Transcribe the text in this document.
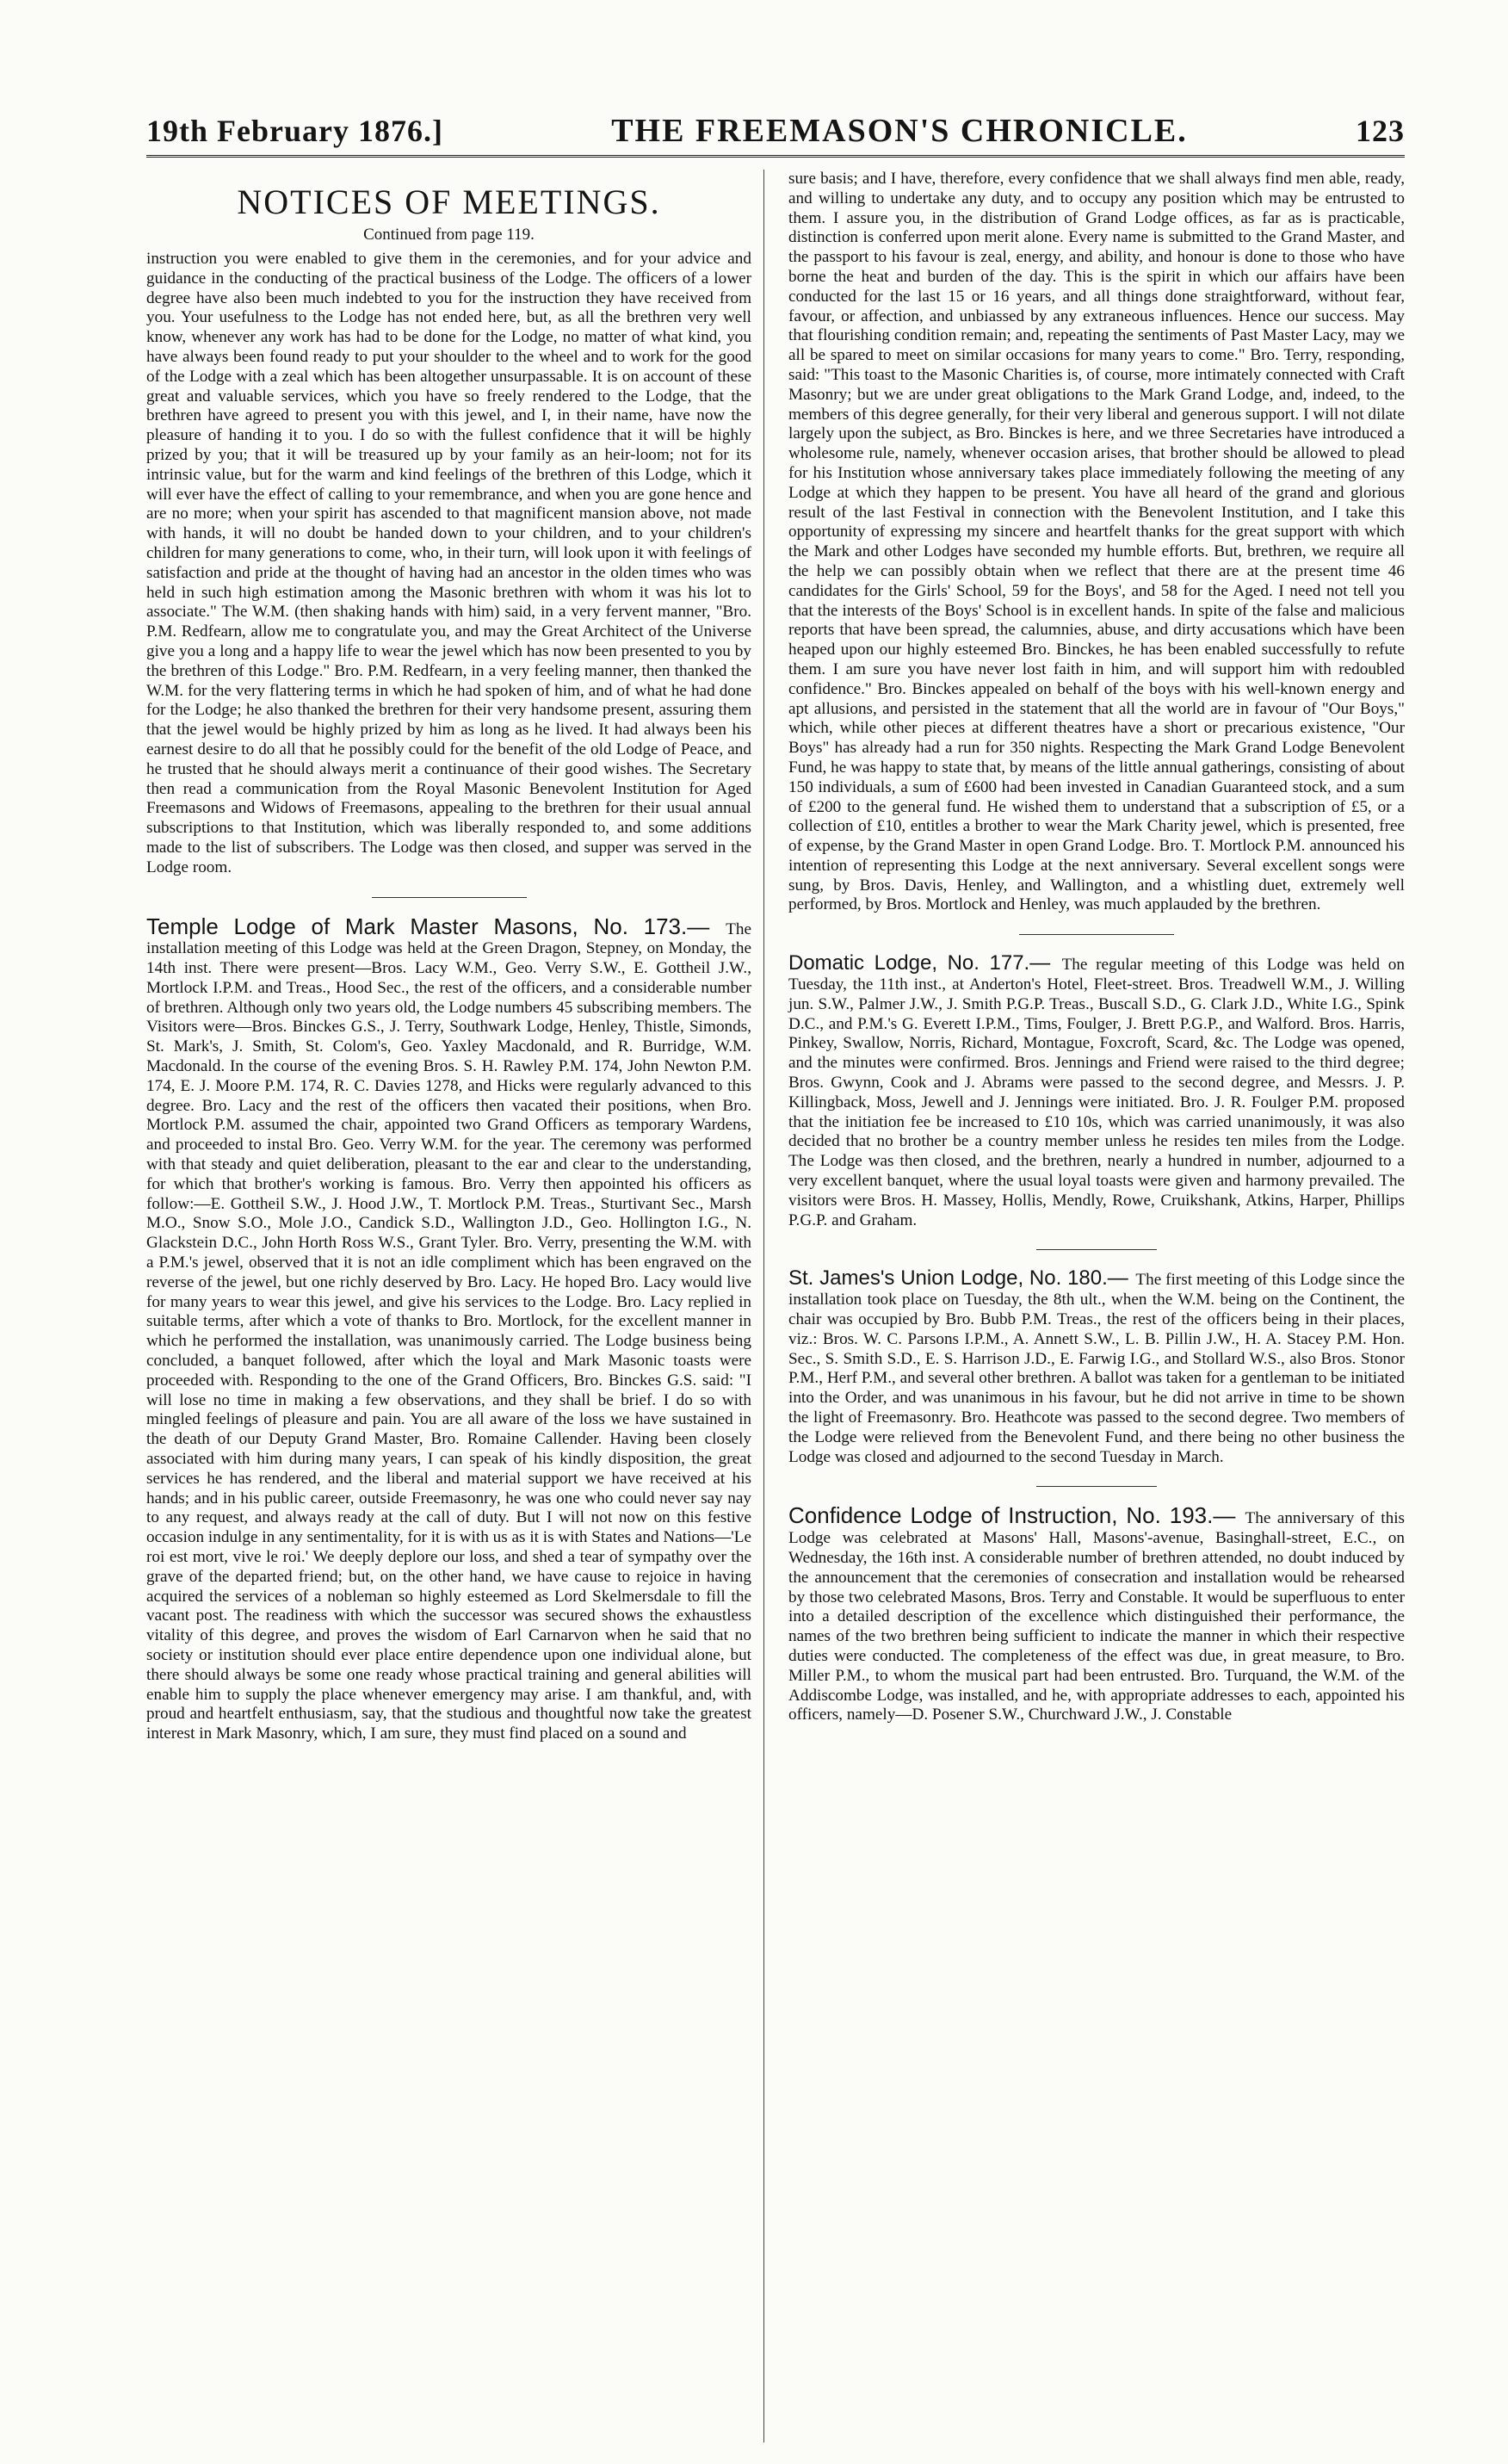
19th February 1876.]	THE FREEMASON'S CHRONICLE.	123
NOTICES OF MEETINGS.
Continued from page 119.

instruction you were enabled to give them in the ceremonies, and for your advice and guidance in the conducting of the practical business of the Lodge. The officers of a lower degree have also been much indebted to you for the instruction they have received from you. Your usefulness to the Lodge has not ended here, but, as all the brethren very well know, whenever any work has had to be done for the Lodge, no matter of what kind, you have always been found ready to put your shoulder to the wheel and to work for the good of the Lodge with a zeal which has been altogether unsurpassable. It is on account of these great and valuable services, which you have so freely rendered to the Lodge, that the brethren have agreed to present you with this jewel, and I, in their name, have now the pleasure of handing it to you. I do so with the fullest confidence that it will be highly prized by you; that it will be treasured up by your family as an heir-loom; not for its intrinsic value, but for the warm and kind feelings of the brethren of this Lodge, which it will ever have the effect of calling to your remembrance, and when you are gone hence and are no more; when your spirit has ascended to that magnificent mansion above, not made with hands, it will no doubt be handed down to your children, and to your children's children for many generations to come, who, in their turn, will look upon it with feelings of satisfaction and pride at the thought of having had an ancestor in the olden times who was held in such high estimation among the Masonic brethren with whom it was his lot to associate." The W.M. (then shaking hands with him) said, in a very fervent manner, "Bro. P.M. Redfearn, allow me to congratulate you, and may the Great Architect of the Universe give you a long and a happy life to wear the jewel which has now been presented to you by the brethren of this Lodge." Bro. P.M. Redfearn, in a very feeling manner, then thanked the W.M. for the very flattering terms in which he had spoken of him, and of what he had done for the Lodge; he also thanked the brethren for their very handsome present, assuring them that the jewel would be highly prized by him as long as he lived. It had always been his earnest desire to do all that he possibly could for the benefit of the old Lodge of Peace, and he trusted that he should always merit a continuance of their good wishes. The Secretary then read a communication from the Royal Masonic Benevolent Institution for Aged Freemasons and Widows of Freemasons, appealing to the brethren for their usual annual subscriptions to that Institution, which was liberally responded to, and some additions made to the list of subscribers. The Lodge was then closed, and supper was served in the Lodge room.

Temple Lodge of Mark Master Masons, No. 173.— The installation meeting of this Lodge was held at the Green Dragon, Stepney, on Monday, the 14th inst. There were present—Bros. Lacy W.M., Geo. Verry S.W., E. Gottheil J.W., Mortlock I.P.M. and Treas., Hood Sec., the rest of the officers, and a considerable number of brethren. Although only two years old, the Lodge numbers 45 subscribing members. The Visitors were—Bros. Binckes G.S., J. Terry, Southwark Lodge, Henley, Thistle, Simonds, St. Mark's, J. Smith, St. Colom's, Geo. Yaxley Macdonald, and R. Burridge, W.M. Macdonald. In the course of the evening Bros. S. H. Rawley P.M. 174, John Newton P.M. 174, E. J. Moore P.M. 174, R. C. Davies 1278, and Hicks were regularly advanced to this degree. Bro. Lacy and the rest of the officers then vacated their positions, when Bro. Mortlock P.M. assumed the chair, appointed two Grand Officers as temporary Wardens, and proceeded to instal Bro. Geo. Verry W.M. for the year. The ceremony was performed with that steady and quiet deliberation, pleasant to the ear and clear to the understanding, for which that brother's working is famous. Bro. Verry then appointed his officers as follow:—E. Gottheil S.W., J. Hood J.W., T. Mortlock P.M. Treas., Sturtivant Sec., Marsh M.O., Snow S.O., Mole J.O., Candick S.D., Wallington J.D., Geo. Hollington I.G., N. Glackstein D.C., John Horth Ross W.S., Grant Tyler. Bro. Verry, presenting the W.M. with a P.M.'s jewel, observed that it is not an idle compliment which has been engraved on the reverse of the jewel, but one richly deserved by Bro. Lacy. He hoped Bro. Lacy would live for many years to wear this jewel, and give his services to the Lodge. Bro. Lacy replied in suitable terms, after which a vote of thanks to Bro. Mortlock, for the excellent manner in which he performed the installation, was unanimously carried. The Lodge business being concluded, a banquet followed, after which the loyal and Mark Masonic toasts were proceeded with. Responding to the one of the Grand Officers, Bro. Binckes G.S. said: "I will lose no time in making a few observations, and they shall be brief. I do so with mingled feelings of pleasure and pain. You are all aware of the loss we have sustained in the death of our Deputy Grand Master, Bro. Romaine Callender. Having been closely associated with him during many years, I can speak of his kindly disposition, the great services he has rendered, and the liberal and material support we have received at his hands; and in his public career, outside Freemasonry, he was one who could never say nay to any request, and always ready at the call of duty. But I will not now on this festive occasion indulge in any sentimentality, for it is with us as it is with States and Nations—'Le roi est mort, vive le roi.' We deeply deplore our loss, and shed a tear of sympathy over the grave of the departed friend; but, on the other hand, we have cause to rejoice in having acquired the services of a nobleman so highly esteemed as Lord Skelmersdale to fill the vacant post. The readiness with which the successor was secured shows the exhaustless vitality of this degree, and proves the wisdom of Earl Carnarvon when he said that no society or institution should ever place entire dependence upon one individual alone, but there should always be some one ready whose practical training and general abilities will enable him to supply the place whenever emergency may arise. I am thankful, and, with proud and heartfelt enthusiasm, say, that the studious and thoughtful now take the greatest interest in Mark Masonry, which, I am sure, they must find placed on a sound and

sure basis; and I have, therefore, every confidence that we shall always find men able, ready, and willing to undertake any duty, and to occupy any position which may be entrusted to them. I assure you, in the distribution of Grand Lodge offices, as far as is practicable, distinction is conferred upon merit alone. Every name is submitted to the Grand Master, and the passport to his favour is zeal, energy, and ability, and honour is done to those who have borne the heat and burden of the day. This is the spirit in which our affairs have been conducted for the last 15 or 16 years, and all things done straightforward, without fear, favour, or affection, and unbiassed by any extraneous influences. Hence our success. May that flourishing condition remain; and, repeating the sentiments of Past Master Lacy, may we all be spared to meet on similar occasions for many years to come." Bro. Terry, responding, said: "This toast to the Masonic Charities is, of course, more intimately connected with Craft Masonry; but we are under great obligations to the Mark Grand Lodge, and, indeed, to the members of this degree generally, for their very liberal and generous support. I will not dilate largely upon the subject, as Bro. Binckes is here, and we three Secretaries have introduced a wholesome rule, namely, whenever occasion arises, that brother should be allowed to plead for his Institution whose anniversary takes place immediately following the meeting of any Lodge at which they happen to be present. You have all heard of the grand and glorious result of the last Festival in connection with the Benevolent Institution, and I take this opportunity of expressing my sincere and heartfelt thanks for the great support with which the Mark and other Lodges have seconded my humble efforts. But, brethren, we require all the help we can possibly obtain when we reflect that there are at the present time 46 candidates for the Girls' School, 59 for the Boys', and 58 for the Aged. I need not tell you that the interests of the Boys' School is in excellent hands. In spite of the false and malicious reports that have been spread, the calumnies, abuse, and dirty accusations which have been heaped upon our highly esteemed Bro. Binckes, he has been enabled successfully to refute them. I am sure you have never lost faith in him, and will support him with redoubled confidence." Bro. Binckes appealed on behalf of the boys with his well-known energy and apt allusions, and persisted in the statement that all the world are in favour of "Our Boys," which, while other pieces at different theatres have a short or precarious existence, "Our Boys" has already had a run for 350 nights. Respecting the Mark Grand Lodge Benevolent Fund, he was happy to state that, by means of the little annual gatherings, consisting of about 150 individuals, a sum of £600 had been invested in Canadian Guaranteed stock, and a sum of £200 to the general fund. He wished them to understand that a subscription of £5, or a collection of £10, entitles a brother to wear the Mark Charity jewel, which is presented, free of expense, by the Grand Master in open Grand Lodge. Bro. T. Mortlock P.M. announced his intention of representing this Lodge at the next anniversary. Several excellent songs were sung, by Bros. Davis, Henley, and Wallington, and a whistling duet, extremely well performed, by Bros. Mortlock and Henley, was much applauded by the brethren.

Domatic Lodge, No. 177.— The regular meeting of this Lodge was held on Tuesday, the 11th inst., at Anderton's Hotel, Fleet-street. Bros. Treadwell W.M., J. Willing jun. S.W., Palmer J.W., J. Smith P.G.P. Treas., Buscall S.D., G. Clark J.D., White I.G., Spink D.C., and P.M.'s G. Everett I.P.M., Tims, Foulger, J. Brett P.G.P., and Walford. Bros. Harris, Pinkey, Swallow, Norris, Richard, Montague, Foxcroft, Scard, &c. The Lodge was opened, and the minutes were confirmed. Bros. Jennings and Friend were raised to the third degree; Bros. Gwynn, Cook and J. Abrams were passed to the second degree, and Messrs. J. P. Killingback, Moss, Jewell and J. Jennings were initiated. Bro. J. R. Foulger P.M. proposed that the initiation fee be increased to £10 10s, which was carried unanimously, it was also decided that no brother be a country member unless he resides ten miles from the Lodge. The Lodge was then closed, and the brethren, nearly a hundred in number, adjourned to a very excellent banquet, where the usual loyal toasts were given and harmony prevailed. The visitors were Bros. H. Massey, Hollis, Mendly, Rowe, Cruikshank, Atkins, Harper, Phillips P.G.P. and Graham.

St. James's Union Lodge, No. 180.— The first meeting of this Lodge since the installation took place on Tuesday, the 8th ult., when the W.M. being on the Continent, the chair was occupied by Bro. Bubb P.M. Treas., the rest of the officers being in their places, viz.: Bros. W. C. Parsons I.P.M., A. Annett S.W., L. B. Pillin J.W., H. A. Stacey P.M. Hon. Sec., S. Smith S.D., E. S. Harrison J.D., E. Farwig I.G., and Stollard W.S., also Bros. Stonor P.M., Herf P.M., and several other brethren. A ballot was taken for a gentleman to be initiated into the Order, and was unanimous in his favour, but he did not arrive in time to be shown the light of Freemasonry. Bro. Heathcote was passed to the second degree. Two members of the Lodge were relieved from the Benevolent Fund, and there being no other business the Lodge was closed and adjourned to the second Tuesday in March.

Confidence Lodge of Instruction, No. 193.— The anniversary of this Lodge was celebrated at Masons' Hall, Masons'-avenue, Basinghall-street, E.C., on Wednesday, the 16th inst. A considerable number of brethren attended, no doubt induced by the announcement that the ceremonies of consecration and installation would be rehearsed by those two celebrated Masons, Bros. Terry and Constable. It would be superfluous to enter into a detailed description of the excellence which distinguished their performance, the names of the two brethren being sufficient to indicate the manner in which their respective duties were conducted. The completeness of the effect was due, in great measure, to Bro. Miller P.M., to whom the musical part had been entrusted. Bro. Turquand, the W.M. of the Addiscombe Lodge, was installed, and he, with appropriate addresses to each, appointed his officers, namely—D. Posener S.W., Churchward J.W., J. Constable
